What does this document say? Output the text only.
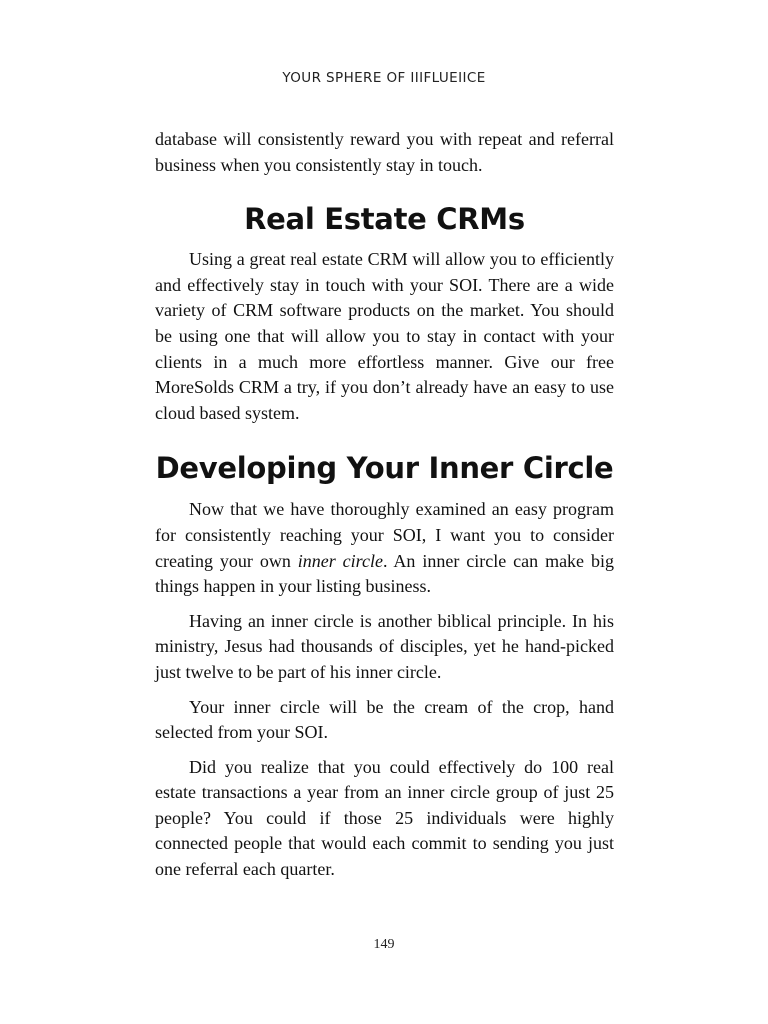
YOUR SPHERE OF IIIFLUEIICE

database will consistently reward you with repeat and referral business when you consistently stay in touch.

Real Estate CRMs

Using a great real estate CRM will allow you to efficiently and effectively stay in touch with your SOI. There are a wide variety of CRM software products on the market. You should be using one that will allow you to stay in contact with your clients in a much more effortless manner. Give our free MoreSolds CRM a try, if you don’t already have an easy to use cloud based system.

Developing Your Inner Circle

Now that we have thoroughly examined an easy program for consistently reaching your SOI, I want you to consider creating your own inner circle. An inner circle can make big things happen in your listing business.

Having an inner circle is another biblical principle. In his ministry, Jesus had thousands of disciples, yet he hand-picked just twelve to be part of his inner circle.

Your inner circle will be the cream of the crop, hand selected from your SOI.

Did you realize that you could effectively do 100 real estate transactions a year from an inner circle group of just 25 people? You could if those 25 individuals were highly connected people that would each commit to sending you just one referral each quarter.

149
